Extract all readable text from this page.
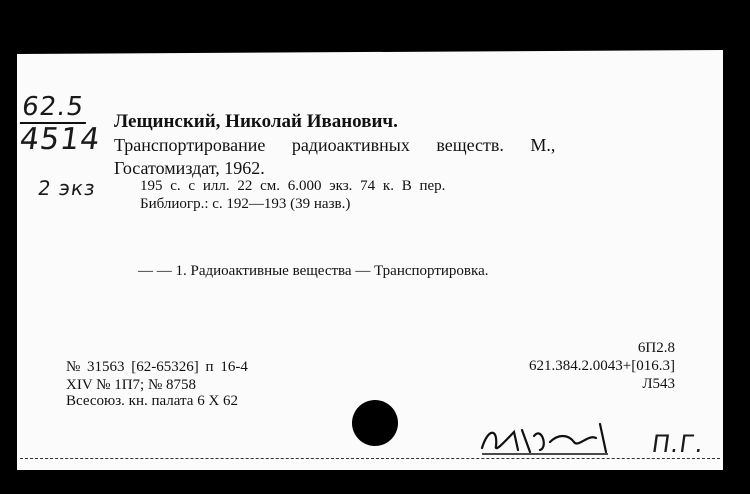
62.5
4514
2 экз
Лещинский, Николай Иванович.
Транспортирование радиоактивных веществ. М.,
Госатомиздат, 1962.
195 с. с илл. 22 см. 6.000 экз. 74 к. В пер.
Библиогр.: с. 192—193 (39 назв.)
— — 1. Радиоактивные вещества — Транспортировка.
№ 31563 [62-65326] п 16-4
XIV № 1П7; № 8758
Всесоюз. кн. палата 6 X 62
6П2.8
621.384.2.0043+[016.3]
Л543
П.Г.
